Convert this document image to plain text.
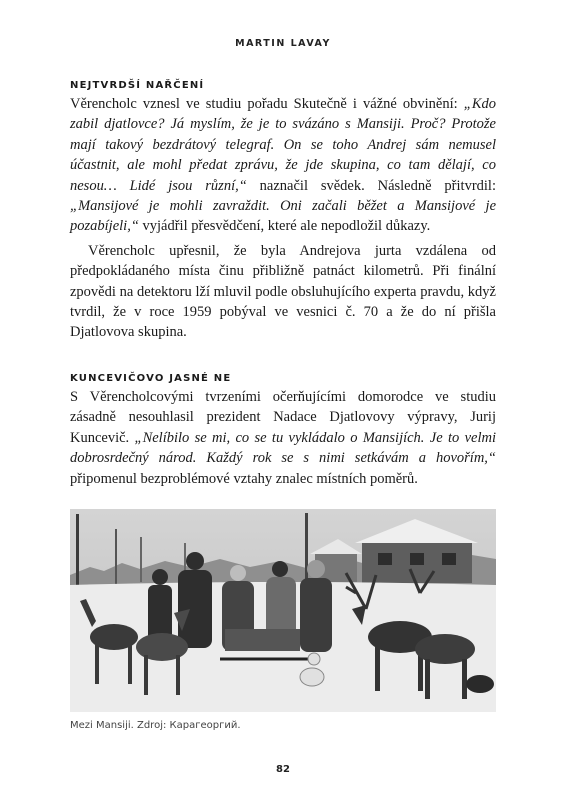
MARTIN LAVAY

NEJTVRDŠÍ NAŘČENÍ

Věrencholc vznesl ve studiu pořadu Skutečně i vážné obvinění: „Kdo zabil djatlovce? Já myslím, že je to svázáno s Mansiji. Proč? Protože mají takový bezdrátový telegraf. On se toho Andrej sám nemusel účastnit, ale mohl předat zprávu, že jde skupina, co tam dělají, co nesou… Lidé jsou různí,“ naznačil svědek. Následně přitvrdil: „Mansijové je mohli zavraždit. Oni začali běžet a Mansijové je pozabíjeli,“ vyjádřil přesvědčení, které ale nepodložil důkazy.

Věrencholc upřesnil, že byla Andrejova jurta vzdálena od předpokládaného místa činu přibližně patnáct kilometrů. Při finální zpovědi na detektoru lží mluvil podle obsluhujícího experta pravdu, když tvrdil, že v roce 1959 pobýval ve vesnici č. 70 a že do ní přišla Djatlovova skupina.

KUNCEVIČOVO JASNÉ NE

S Věrencholcovými tvrzeními očerňujícími domorodce ve studiu zásadně nesouhlasil prezident Nadace Djatlovovy výpravy, Jurij Kuncevič. „Nelíbilo se mi, co se tu vykládalo o Mansijích. Je to velmi dobrosrdečný národ. Každý rok se s nimi setkávám a hovořím,“ připomenul bezproblémové vztahy znalec místních poměrů.

Mezi Mansiji. Zdroj: Карагеоргий.
82
